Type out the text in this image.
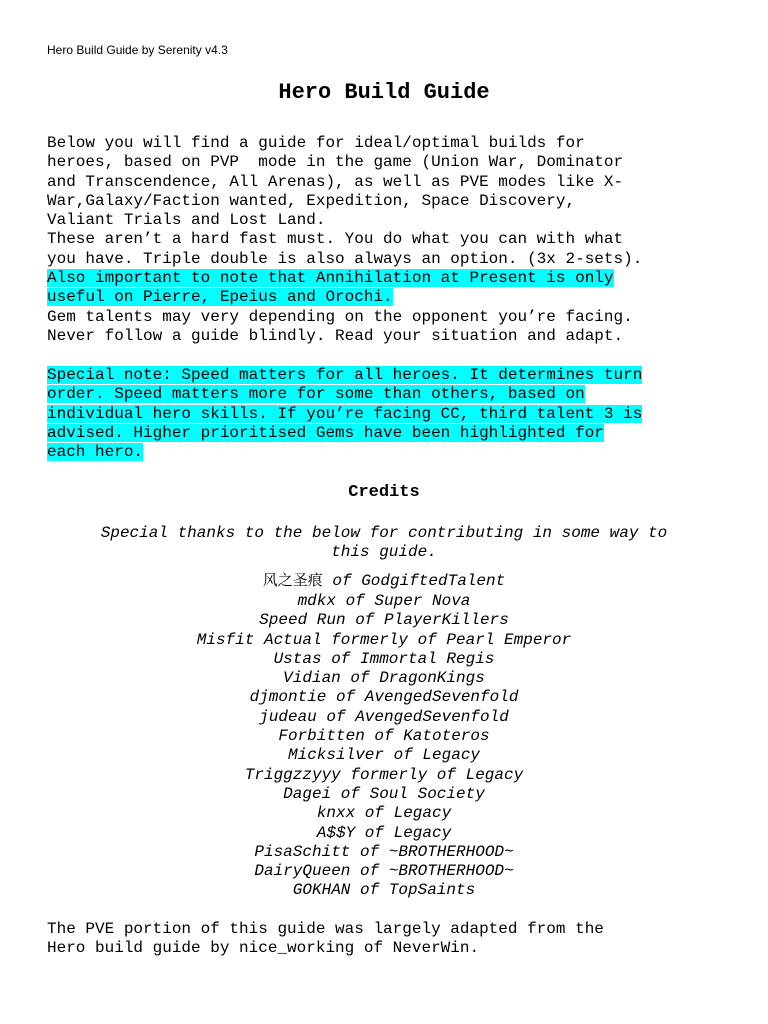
Hero Build Guide by Serenity v4.3
Hero Build Guide
Below you will find a guide for ideal/optimal builds for
heroes, based on PVP  mode in the game (Union War, Dominator
and Transcendence, All Arenas), as well as PVE modes like X-
War,Galaxy/Faction wanted, Expedition, Space Discovery,
Valiant Trials and Lost Land.
These aren’t a hard fast must. You do what you can with what
you have. Triple double is also always an option. (3x 2-sets).
Also important to note that Annihilation at Present is only
useful on Pierre, Epeius and Orochi.
Gem talents may very depending on the opponent you’re facing.
Never follow a guide blindly. Read your situation and adapt.
Special note: Speed matters for all heroes. It determines turn
order. Speed matters more for some than others, based on
individual hero skills. If you’re facing CC, third talent 3 is
advised. Higher prioritised Gems have been highlighted for
each hero.
Credits
Special thanks to the below for contributing in some way to
this guide.
风之圣痕 of GodgiftedTalent
mdkx of Super Nova
Speed Run of PlayerKillers
Misfit Actual formerly of Pearl Emperor
Ustas of Immortal Regis
Vidian of DragonKings
djmontie of AvengedSevenfold
judeau of AvengedSevenfold
Forbitten of Katoteros
Micksilver of Legacy
Triggzzyyy formerly of Legacy
Dagei of Soul Society
knxx of Legacy
A$$Y of Legacy
PisaSchitt of ~BROTHERHOOD~
DairyQueen of ~BROTHERHOOD~
GOKHAN of TopSaints
The PVE portion of this guide was largely adapted from the
Hero build guide by nice_working of NeverWin.
